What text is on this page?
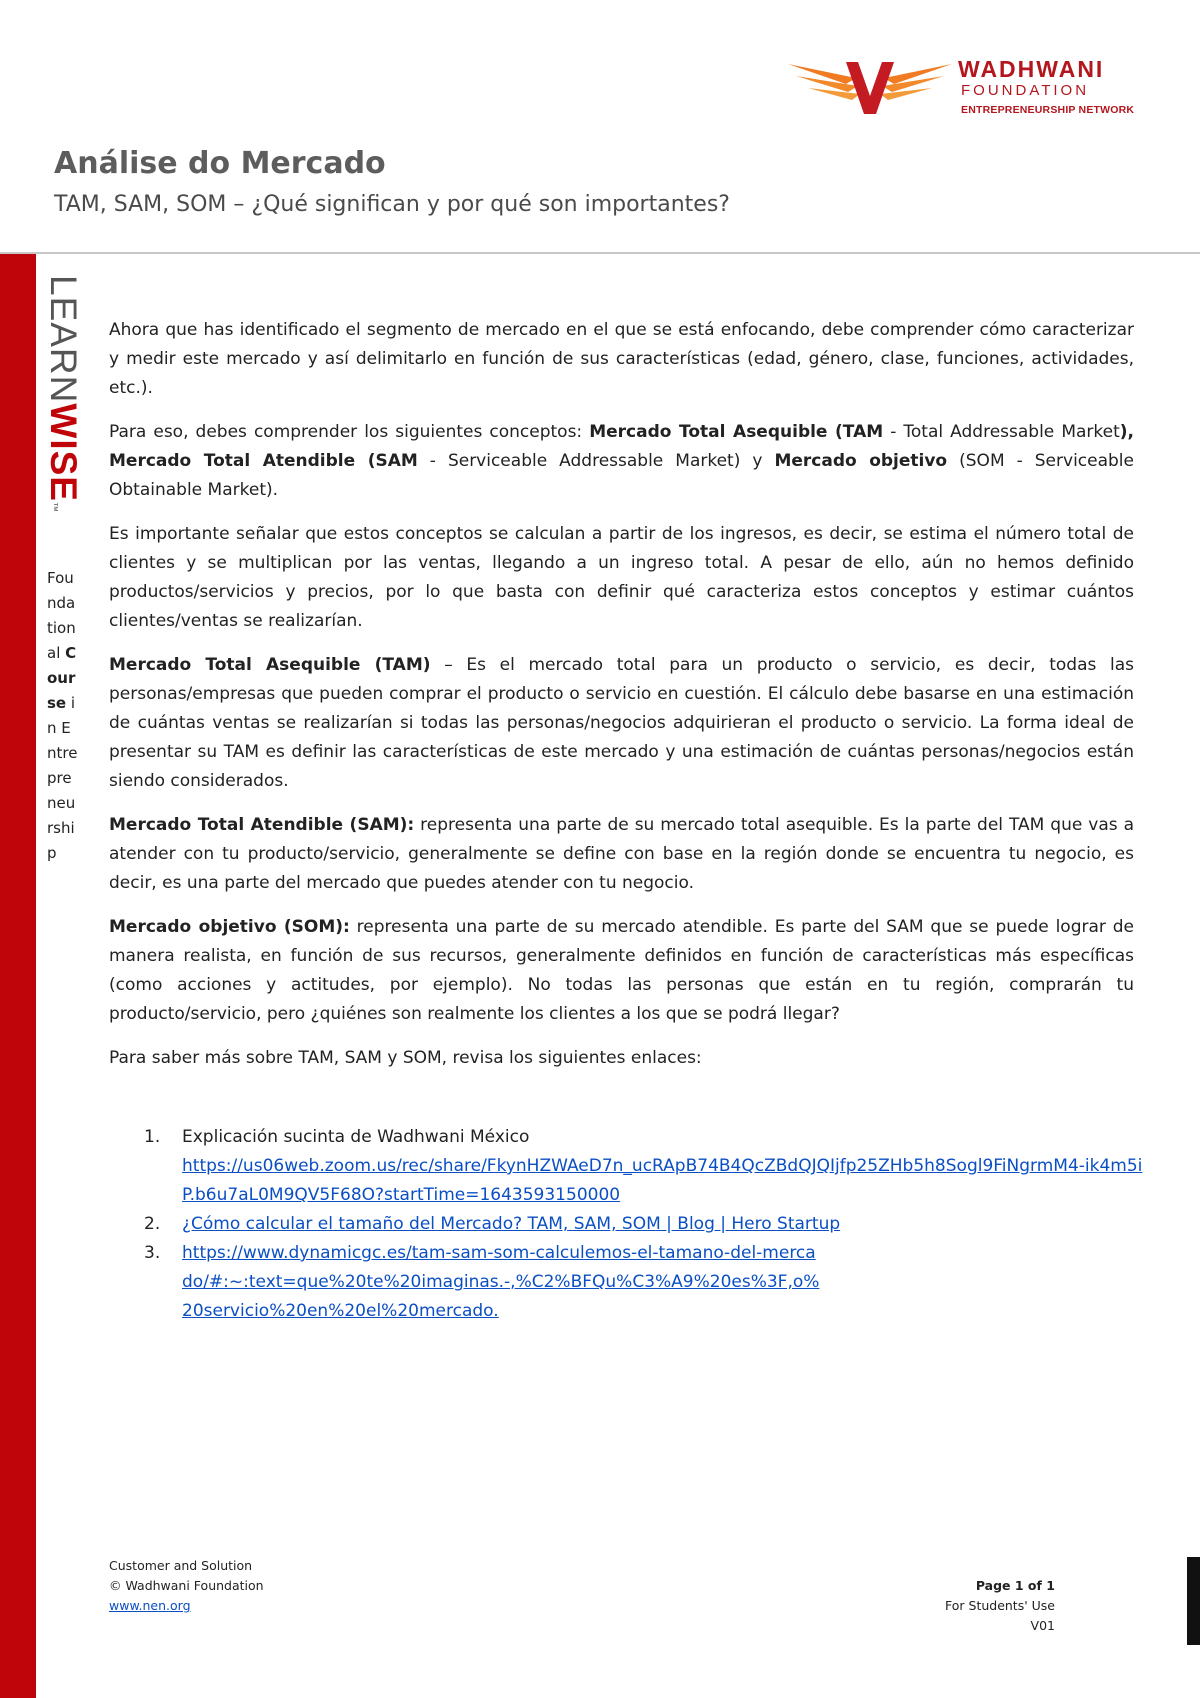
WADHWANI
FOUNDATION
ENTREPRENEURSHIP NETWORK
Análise do Mercado
TAM, SAM, SOM – ¿Qué significan y por qué son importantes?
LEARNWISE™
Foundational Course in Entrepreneurship

Ahora que has identificado el segmento de mercado en el que se está enfocando, debe comprender cómo caracterizar y medir este mercado y así delimitarlo en función de sus características (edad, género, clase, funciones, actividades, etc.).

Para eso, debes comprender los siguientes conceptos: Mercado Total Asequible (TAM - Total Addressable Market), Mercado Total Atendible (SAM - Serviceable Addressable Market) y Mercado objetivo (SOM - Serviceable Obtainable Market).

Es importante señalar que estos conceptos se calculan a partir de los ingresos, es decir, se estima el número total de clientes y se multiplican por las ventas, llegando a un ingreso total. A pesar de ello, aún no hemos definido productos/servicios y precios, por lo que basta con definir qué caracteriza estos conceptos y estimar cuántos clientes/ventas se realizarían.

Mercado Total Asequible (TAM) – Es el mercado total para un producto o servicio, es decir, todas las personas/empresas que pueden comprar el producto o servicio en cuestión. El cálculo debe basarse en una estimación de cuántas ventas se realizarían si todas las personas/negocios adquirieran el producto o servicio. La forma ideal de presentar su TAM es definir las características de este mercado y una estimación de cuántas personas/negocios están siendo considerados.

Mercado Total Atendible (SAM): representa una parte de su mercado total asequible. Es la parte del TAM que vas a atender con tu producto/servicio, generalmente se define con base en la región donde se encuentra tu negocio, es decir, es una parte del mercado que puedes atender con tu negocio.

Mercado objetivo (SOM): representa una parte de su mercado atendible. Es parte del SAM que se puede lograr de manera realista, en función de sus recursos, generalmente definidos en función de características más específicas (como acciones y actitudes, por ejemplo). No todas las personas que están en tu región, comprarán tu producto/servicio, pero ¿quiénes son realmente los clientes a los que se podrá llegar?

Para saber más sobre TAM, SAM y SOM, revisa los siguientes enlaces:

1. Explicación sucinta de Wadhwani México
https://us06web.zoom.us/rec/share/FkynHZWAeD7n_ucRApB74B4QcZBdQJQIjfp25ZHb5h8Sogl9FiNgrmM4-ik4m5iP.b6u7aL0M9QV5F68O?startTime=1643593150000
2. ¿Cómo calcular el tamaño del Mercado? TAM, SAM, SOM | Blog | Hero Startup
3. https://www.dynamicgc.es/tam-sam-som-calculemos-el-tamano-del-mercado/#:~:text=que%20te%20imaginas.-,%C2%BFQu%C3%A9%20es%3F,o%20servicio%20en%20el%20mercado.
Customer and Solution
© Wadhwani Foundation
www.nen.org
Page 1 of 1
For Students' Use
V01
